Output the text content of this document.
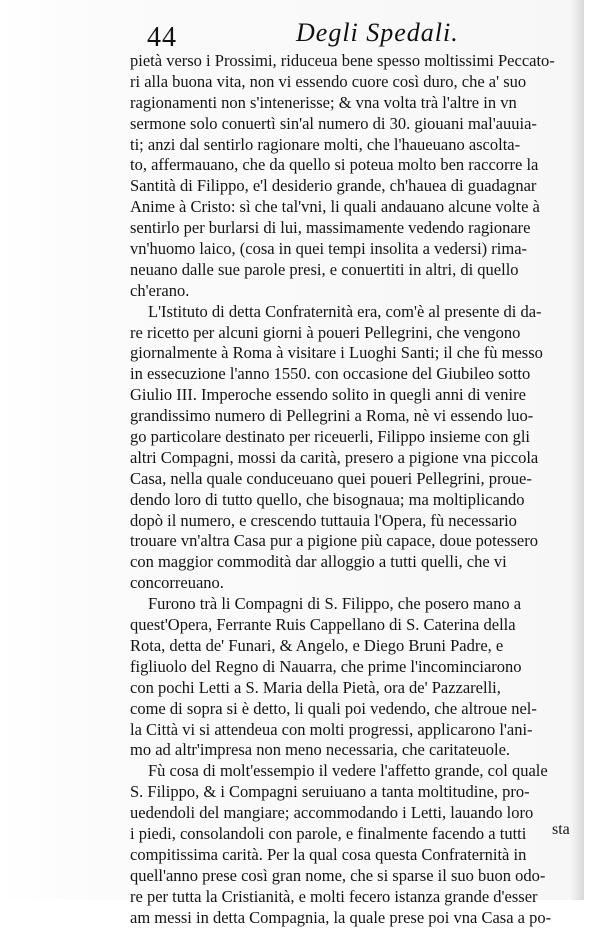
44	Degli Spedali.
pietà verso i Prossimi, riduceua bene spesso moltissimi Peccato-
ri alla buona vita, non vi essendo cuore così duro, che a' suo
ragionamenti non s'intenerisse; & vna volta trà l'altre in vn
sermone solo conuertì sin'al numero di 30. giouani mal'auuia-
ti; anzi dal sentirlo ragionare molti, che l'haueuano ascolta-
to, affermauano, che da quello si poteua molto ben raccorre la
Santità di Filippo, e'l desiderio grande, ch'hauea di guadagnar
Anime à Cristo: sì che tal'vni, li quali andauano alcune volte à
sentirlo per burlarsi di lui, massimamente vedendo ragionare
vn'huomo laico, (cosa in quei tempi insolita a vedersi) rima-
neuano dalle sue parole presi, e conuertiti in altri, di quello
ch'erano.
L'Istituto di detta Confraternità era, com'è al presente di da-
re ricetto per alcuni giorni à poueri Pellegrini, che vengono
giornalmente à Roma à visitare i Luoghi Santi; il che fù messo
in essecuzione l'anno 1550. con occasione del Giubileo sotto
Giulio III. Imperoche essendo solito in quegli anni di venire
grandissimo numero di Pellegrini a Roma, nè vi essendo luo-
go particolare destinato per riceuerli, Filippo insieme con gli
altri Compagni, mossi da carità, presero a pigione vna piccola
Casa, nella quale conduceuano quei poueri Pellegrini, proue-
dendo loro di tutto quello, che bisognaua; ma moltiplicando
dopò il numero, e crescendo tuttauia l'Opera, fù necessario
trouare vn'altra Casa pur a pigione più capace, doue potessero
con maggior commodità dar alloggio a tutti quelli, che vi
concorreuano.
Furono trà li Compagni di S. Filippo, che posero mano a
quest'Opera, Ferrante Ruis Cappellano di S. Caterina della
Rota, detta de' Funari, & Angelo, e Diego Bruni Padre, e
figliuolo del Regno di Nauarra, che prime l'incominciarono
con pochi Letti a S. Maria della Pietà, ora de' Pazzarelli,
come di sopra si è detto, li quali poi vedendo, che altroue nel-
la Città vi si attendeua con molti progressi, applicarono l'ani-
mo ad altr'impresa non meno necessaria, che caritateuole.
Fù cosa di molt'essempio il vedere l'affetto grande, col quale
S. Filippo, & i Compagni seruiuano a tanta moltitudine, pro-
uedendoli del mangiare; accommodando i Letti, lauando loro
i piedi, consolandoli con parole, e finalmente facendo a tutti
compitissima carità. Per la qual cosa questa Confraternità in
quell'anno prese così gran nome, che si sparse il suo buon odo-
re per tutta la Cristianità, e molti fecero istanza grande d'esser
am messi in detta Compagnia, la quale prese poi vna Casa a po-
sta
